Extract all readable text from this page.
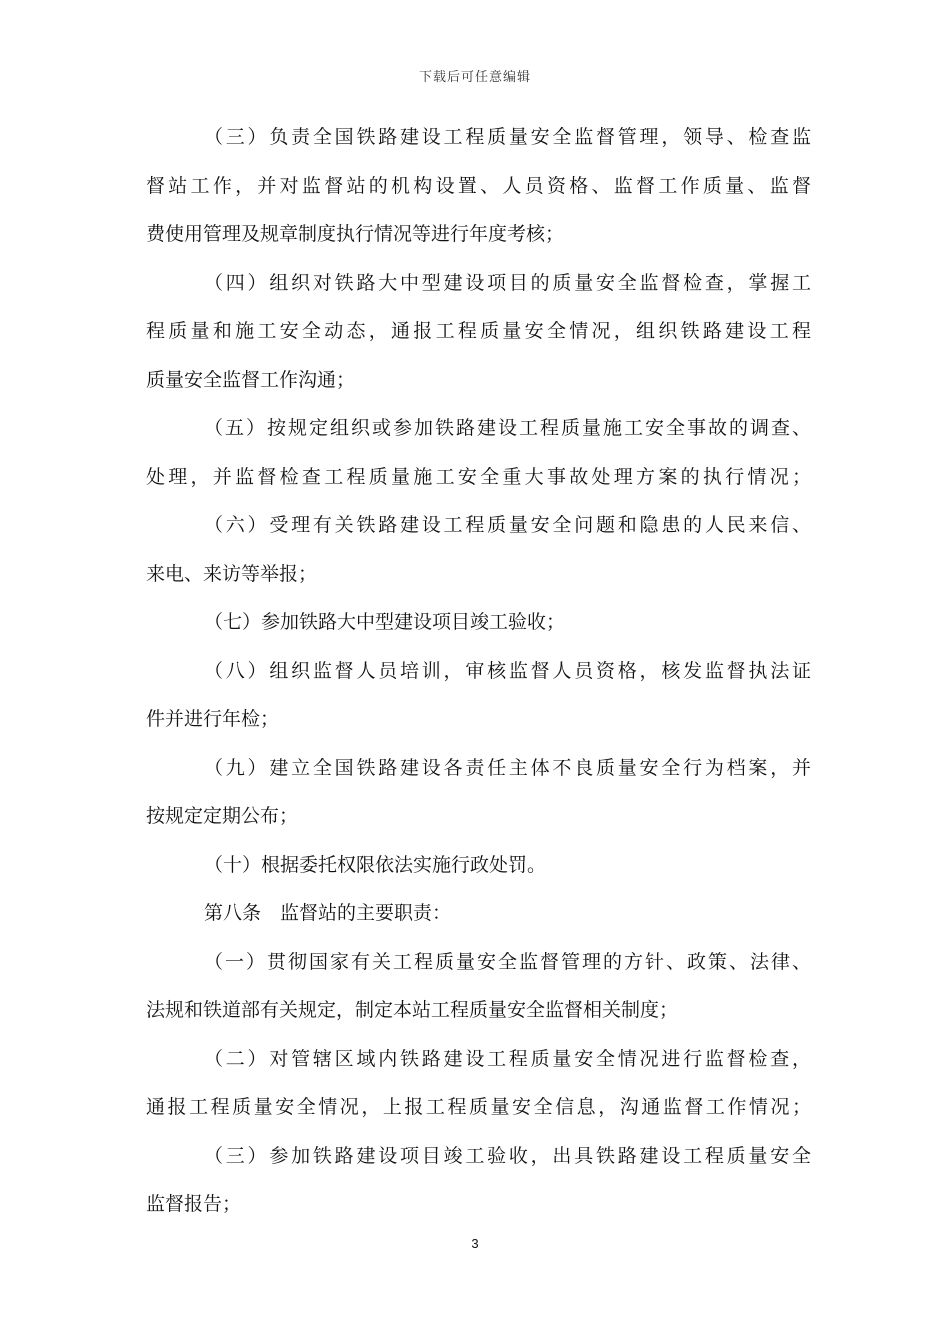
下载后可任意编辑
（三）负责全国铁路建设工程质量安全监督管理，领导、检查监
督站工作，并对监督站的机构设置、人员资格、监督工作质量、监督
费使用管理及规章制度执行情况等进行年度考核；
（四）组织对铁路大中型建设项目的质量安全监督检查，掌握工
程质量和施工安全动态，通报工程质量安全情况，组织铁路建设工程
质量安全监督工作沟通；
（五）按规定组织或参加铁路建设工程质量施工安全事故的调查、
处理，并监督检查工程质量施工安全重大事故处理方案的执行情况；
（六）受理有关铁路建设工程质量安全问题和隐患的人民来信、
来电、来访等举报；
（七）参加铁路大中型建设项目竣工验收；
（八）组织监督人员培训，审核监督人员资格，核发监督执法证
件并进行年检；
（九）建立全国铁路建设各责任主体不良质量安全行为档案，并
按规定定期公布；
（十）根据委托权限依法实施行政处罚。
第八条　监督站的主要职责：
（一）贯彻国家有关工程质量安全监督管理的方针、政策、法律、
法规和铁道部有关规定，制定本站工程质量安全监督相关制度；
（二）对管辖区域内铁路建设工程质量安全情况进行监督检查，
通报工程质量安全情况，上报工程质量安全信息，沟通监督工作情况；
（三）参加铁路建设项目竣工验收，出具铁路建设工程质量安全
监督报告；
3
